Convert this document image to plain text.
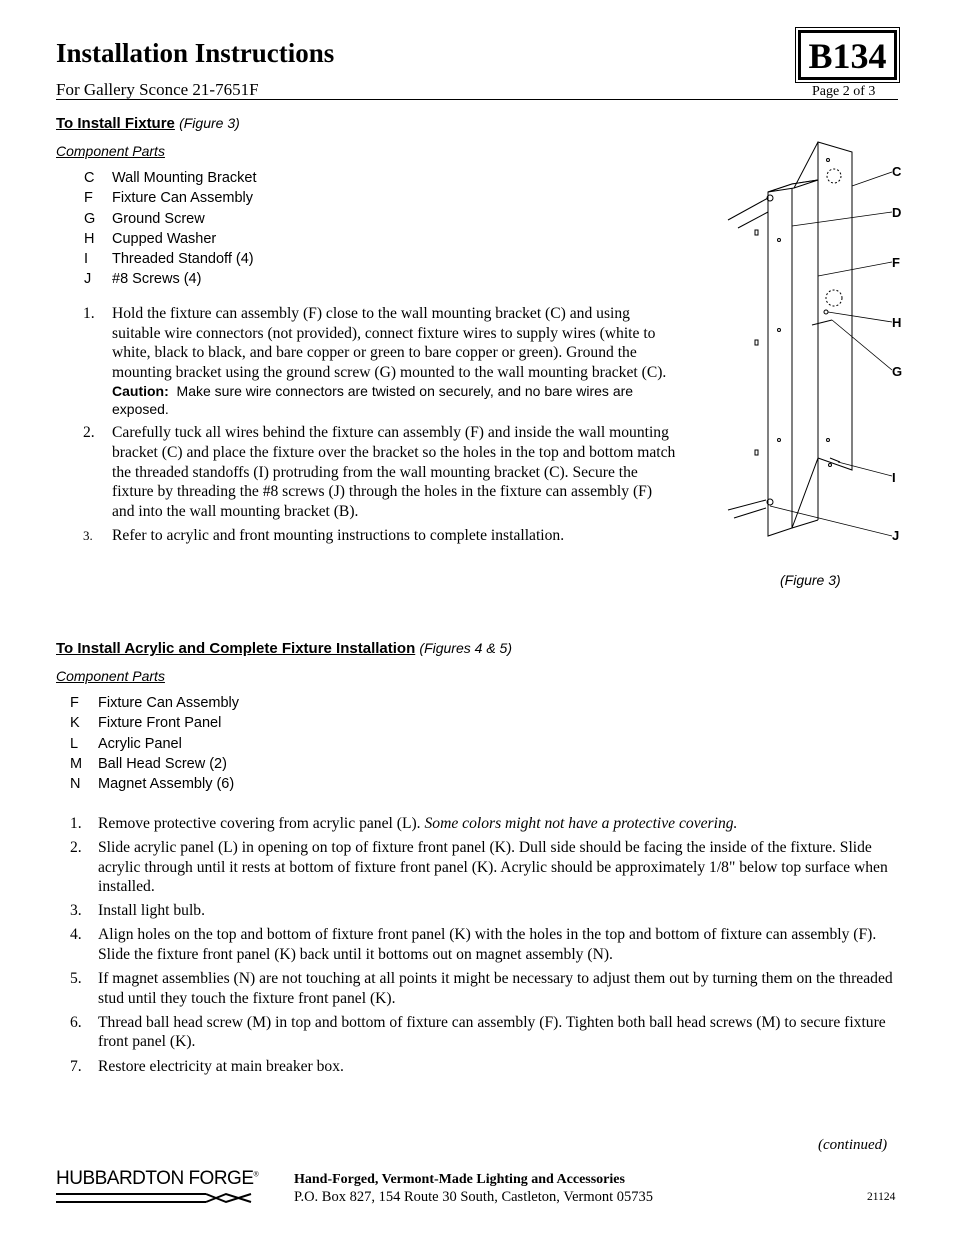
Installation Instructions	B134
For Gallery Sconce 21-7651F	Page 2 of 3
To Install Fixture (Figure 3)
Component Parts
C Wall Mounting Bracket
F Fixture Can Assembly
G Ground Screw
H Cupped Washer
I Threaded Standoff (4)
J #8 Screws (4)
1. Hold the fixture can assembly (F) close to the wall mounting bracket (C) and using suitable wire connectors (not provided), connect fixture wires to supply wires (white to white, black to black, and bare copper or green to bare copper or green). Ground the mounting bracket using the ground screw (G) mounted to the wall mounting bracket (C).
Caution: Make sure wire connectors are twisted on securely, and no bare wires are exposed.
2. Carefully tuck all wires behind the fixture can assembly (F) and inside the wall mounting bracket (C) and place the fixture over the bracket so the holes in the top and bottom match the threaded standoffs (I) protruding from the wall mounting bracket (C). Secure the fixture by threading the #8 screws (J) through the holes in the fixture can assembly (F) and into the wall mounting bracket (B).
3. Refer to acrylic and front mounting instructions to complete installation.
C
D
F
H
G
I
J
(Figure 3)
To Install Acrylic and Complete Fixture Installation (Figures 4 & 5)
Component Parts
F Fixture Can Assembly
K Fixture Front Panel
L Acrylic Panel
M Ball Head Screw (2)
N Magnet Assembly (6)
1. Remove protective covering from acrylic panel (L). Some colors might not have a protective covering.
2. Slide acrylic panel (L) in opening on top of fixture front panel (K). Dull side should be facing the inside of the fixture. Slide acrylic through until it rests at bottom of fixture front panel (K). Acrylic should be approximately 1/8" below top surface when installed.
3. Install light bulb.
4. Align holes on the top and bottom of fixture front panel (K) with the holes in the top and bottom of fixture can assembly (F). Slide the fixture front panel (K) back until it bottoms out on magnet assembly (N).
5. If magnet assemblies (N) are not touching at all points it might be necessary to adjust them out by turning them on the threaded stud until they touch the fixture front panel (K).
6. Thread ball head screw (M) in top and bottom of fixture can assembly (F). Tighten both ball head screws (M) to secure fixture front panel (K).
7. Restore electricity at main breaker box.
(continued)
HUBBARDTON FORGE®	Hand-Forged, Vermont-Made Lighting and Accessories
P.O. Box 827, 154 Route 30 South, Castleton, Vermont 05735	21124
